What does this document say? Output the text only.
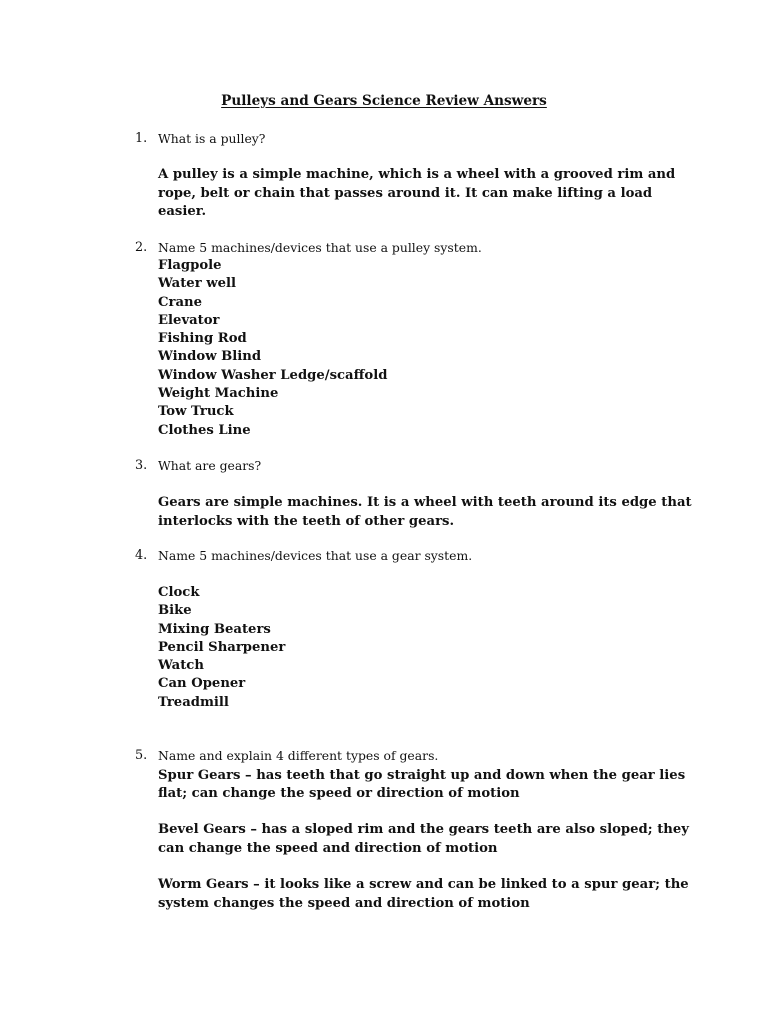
Pulleys and Gears Science Review Answers
1. What is a pulley?
A pulley is a simple machine, which is a wheel with a grooved rim and
rope, belt or chain that passes around it. It can make lifting a load
easier.
2. Name 5 machines/devices that use a pulley system.
Flagpole
Water well
Crane
Elevator
Fishing Rod
Window Blind
Window Washer Ledge/scaffold
Weight Machine
Tow Truck
Clothes Line
3. What are gears?
Gears are simple machines. It is a wheel with teeth around its edge that
interlocks with the teeth of other gears.
4. Name 5 machines/devices that use a gear system.
Clock
Bike
Mixing Beaters
Pencil Sharpener
Watch
Can Opener
Treadmill
5. Name and explain 4 different types of gears.
Spur Gears – has teeth that go straight up and down when the gear lies
flat; can change the speed or direction of motion
Bevel Gears – has a sloped rim and the gears teeth are also sloped; they
can change the speed and direction of motion
Worm Gears – it looks like a screw and can be linked to a spur gear; the
system changes the speed and direction of motion
